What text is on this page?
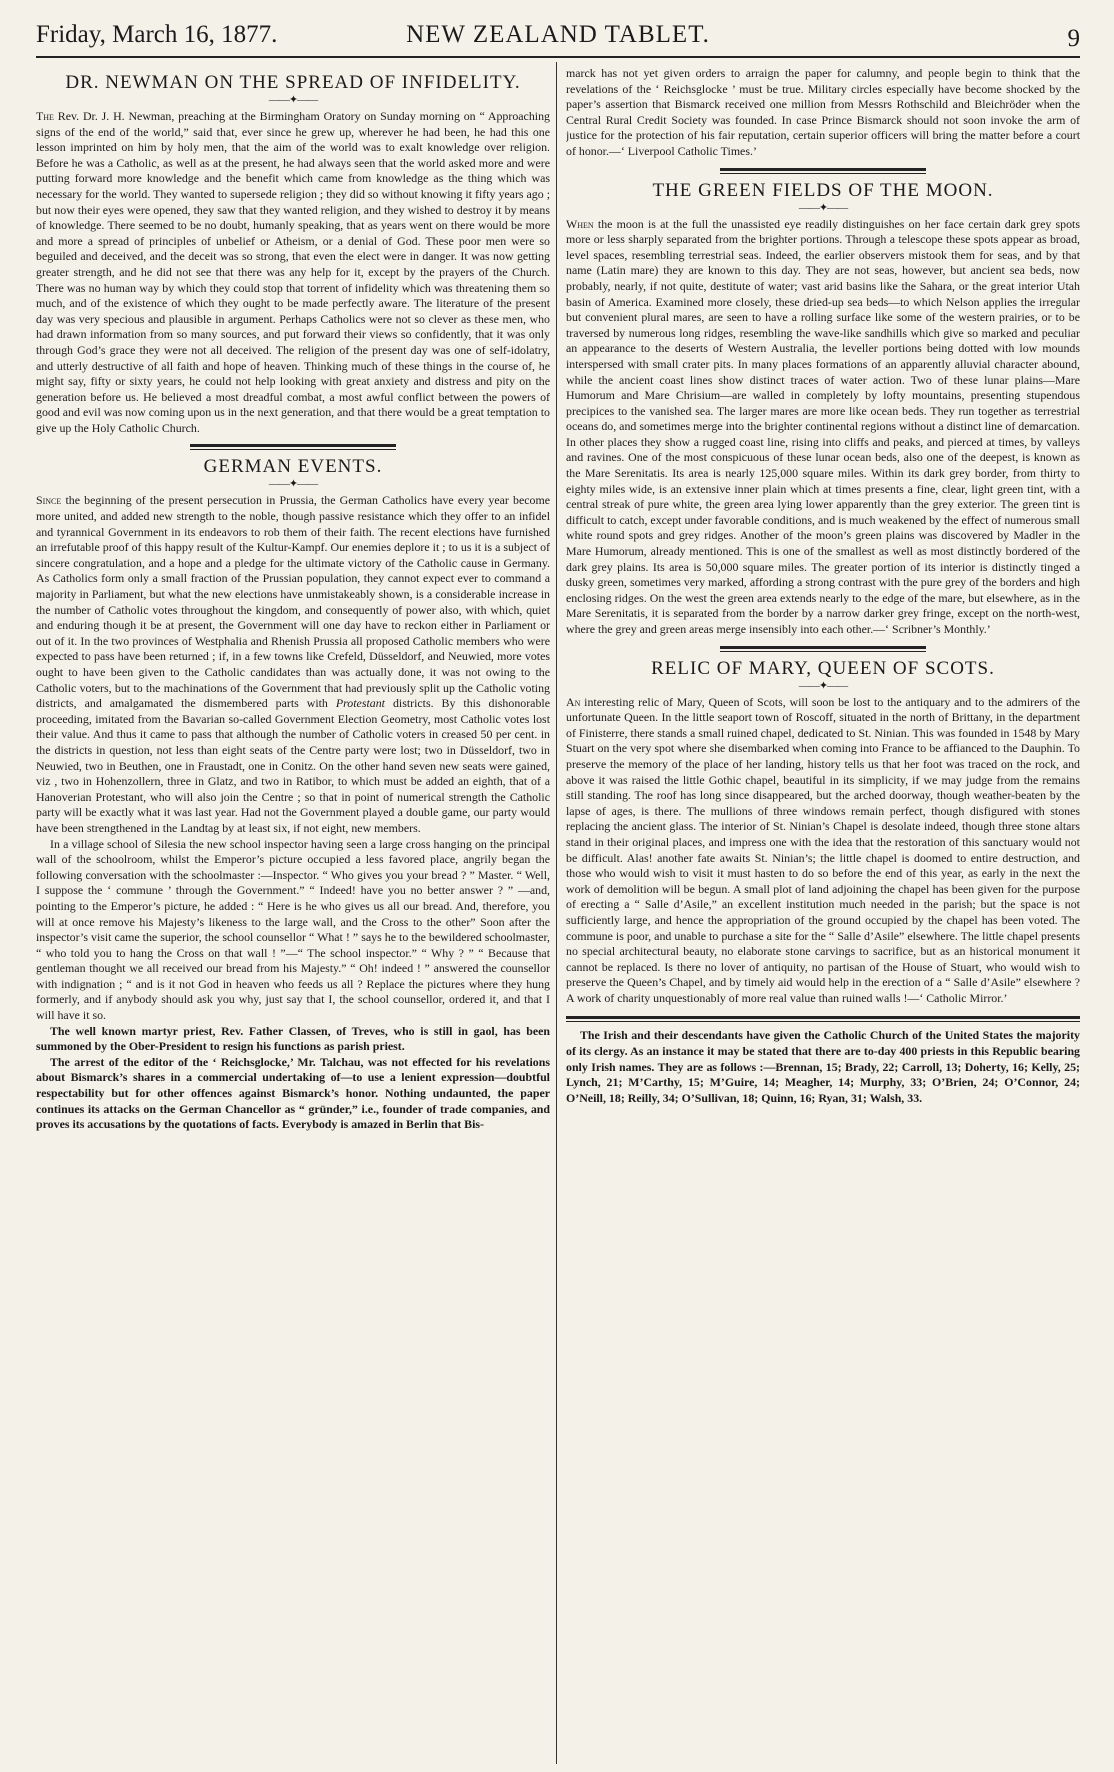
Friday, March 16, 1877.	NEW ZEALAND TABLET.	9
DR. NEWMAN ON THE SPREAD OF INFIDELITY.
——✦——

The Rev. Dr. J. H. Newman, preaching at the Birmingham Oratory on Sunday morning on “ Approaching signs of the end of the world,” said that, ever since he grew up, wherever he had been, he had this one lesson imprinted on him by holy men, that the aim of the world was to exalt knowledge over religion. Before he was a Catholic, as well as at the present, he had always seen that the world asked more and were putting forward more knowledge and the benefit which came from knowledge as the thing which was necessary for the world. They wanted to supersede religion ; they did so without knowing it fifty years ago ; but now their eyes were opened, they saw that they wanted religion, and they wished to destroy it by means of knowledge. There seemed to be no doubt, humanly speaking, that as years went on there would be more and more a spread of principles of unbelief or Atheism, or a denial of God. These poor men were so beguiled and deceived, and the deceit was so strong, that even the elect were in danger. It was now getting greater strength, and he did not see that there was any help for it, except by the prayers of the Church. There was no human way by which they could stop that torrent of infidelity which was threatening them so much, and of the existence of which they ought to be made perfectly aware. The literature of the present day was very specious and plausible in argument. Perhaps Catholics were not so clever as these men, who had drawn information from so many sources, and put forward their views so confidently, that it was only through God’s grace they were not all deceived. The religion of the present day was one of self-idolatry, and utterly destructive of all faith and hope of heaven. Thinking much of these things in the course of, he might say, fifty or sixty years, he could not help looking with great anxiety and distress and pity on the generation before us. He believed a most dreadful combat, a most awful conflict between the powers of good and evil was now coming upon us in the next generation, and that there would be a great temptation to give up the Holy Catholic Church.

GERMAN EVENTS.
——✦——

Since the beginning of the present persecution in Prussia, the German Catholics have every year become more united, and added new strength to the noble, though passive resistance which they offer to an infidel and tyrannical Government in its endeavors to rob them of their faith. The recent elections have furnished an irrefutable proof of this happy result of the Kultur-Kampf. Our enemies deplore it ; to us it is a subject of sincere congratulation, and a hope and a pledge for the ultimate victory of the Catholic cause in Germany. As Catholics form only a small fraction of the Prussian population, they cannot expect ever to command a majority in Parliament, but what the new elections have unmistakeably shown, is a considerable increase in the number of Catholic votes throughout the kingdom, and consequently of power also, with which, quiet and enduring though it be at present, the Government will one day have to reckon either in Parliament or out of it. In the two provinces of Westphalia and Rhenish Prussia all proposed Catholic members who were expected to pass have been returned ; if, in a few towns like Crefeld, Düsseldorf, and Neuwied, more votes ought to have been given to the Catholic candidates than was actually done, it was not owing to the Catholic voters, but to the machinations of the Government that had previously split up the Catholic voting districts, and amalgamated the dismembered parts with Protestant districts. By this dishonorable proceeding, imitated from the Bavarian so-called Government Election Geometry, most Catholic votes lost their value. And thus it came to pass that although the number of Catholic voters in creased 50 per cent. in the districts in question, not less than eight seats of the Centre party were lost; two in Düsseldorf, two in Neuwied, two in Beuthen, one in Fraustadt, one in Conitz. On the other hand seven new seats were gained, viz , two in Hohenzollern, three in Glatz, and two in Ratibor, to which must be added an eighth, that of a Hanoverian Protestant, who will also join the Centre ; so that in point of numerical strength the Catholic party will be exactly what it was last year. Had not the Government played a double game, our party would have been strengthened in the Landtag by at least six, if not eight, new members.

In a village school of Silesia the new school inspector having seen a large cross hanging on the principal wall of the schoolroom, whilst the Emperor’s picture occupied a less favored place, angrily began the following conversation with the schoolmaster :—Inspector. “ Who gives you your bread ? ” Master. “ Well, I suppose the ‘ commune ’ through the Government.” “ Indeed! have you no better answer ? ” —and, pointing to the Emperor’s picture, he added : “ Here is he who gives us all our bread. And, therefore, you will at once remove his Majesty’s likeness to the large wall, and the Cross to the other” Soon after the inspector’s visit came the superior, the school counsellor “ What ! ” says he to the bewildered schoolmaster, “ who told you to hang the Cross on that wall ! ”—“ The school inspector.” “ Why ? ” “ Because that gentleman thought we all received our bread from his Majesty.” “ Oh! indeed ! ” answered the counsellor with indignation ; “ and is it not God in heaven who feeds us all ? Replace the pictures where they hung formerly, and if anybody should ask you why, just say that I, the school counsellor, ordered it, and that I will have it so.

The well known martyr priest, Rev. Father Classen, of Treves, who is still in gaol, has been summoned by the Ober-President to resign his functions as parish priest.

The arrest of the editor of the ‘ Reichsglocke,’ Mr. Talchau, was not effected for his revelations about Bismarck’s shares in a commercial undertaking of—to use a lenient expression—doubtful respectability but for other offences against Bismarck’s honor. Nothing undaunted, the paper continues its attacks on the German Chancellor as “ gründer,” i.e., founder of trade companies, and proves its accusations by the quotations of facts. Everybody is amazed in Berlin that Bis-

marck has not yet given orders to arraign the paper for calumny, and people begin to think that the revelations of the ‘ Reichsglocke ’ must be true. Military circles especially have become shocked by the paper’s assertion that Bismarck received one million from Messrs Rothschild and Bleichröder when the Central Rural Credit Society was founded. In case Prince Bismarck should not soon invoke the arm of justice for the protection of his fair reputation, certain superior officers will bring the matter before a court of honor.—‘ Liverpool Catholic Times.’

THE GREEN FIELDS OF THE MOON.
——✦——

When the moon is at the full the unassisted eye readily distinguishes on her face certain dark grey spots more or less sharply separated from the brighter portions. Through a telescope these spots appear as broad, level spaces, resembling terrestrial seas. Indeed, the earlier observers mistook them for seas, and by that name (Latin mare) they are known to this day. They are not seas, however, but ancient sea beds, now probably, nearly, if not quite, destitute of water; vast arid basins like the Sahara, or the great interior Utah basin of America. Examined more closely, these dried-up sea beds—to which Nelson applies the irregular but convenient plural mares, are seen to have a rolling surface like some of the western prairies, or to be traversed by numerous long ridges, resembling the wave-like sandhills which give so marked and peculiar an appearance to the deserts of Western Australia, the leveller portions being dotted with low mounds interspersed with small crater pits. In many places formations of an apparently alluvial character abound, while the ancient coast lines show distinct traces of water action. Two of these lunar plains—Mare Humorum and Mare Chrisium—are walled in completely by lofty mountains, presenting stupendous precipices to the vanished sea. The larger mares are more like ocean beds. They run together as terrestrial oceans do, and sometimes merge into the brighter continental regions without a distinct line of demarcation. In other places they show a rugged coast line, rising into cliffs and peaks, and pierced at times, by valleys and ravines. One of the most conspicuous of these lunar ocean beds, also one of the deepest, is known as the Mare Serenitatis. Its area is nearly 125,000 square miles. Within its dark grey border, from thirty to eighty miles wide, is an extensive inner plain which at times presents a fine, clear, light green tint, with a central streak of pure white, the green area lying lower apparently than the grey exterior. The green tint is difficult to catch, except under favorable conditions, and is much weakened by the effect of numerous small white round spots and grey ridges. Another of the moon’s green plains was discovered by Madler in the Mare Humorum, already mentioned. This is one of the smallest as well as most distinctly bordered of the dark grey plains. Its area is 50,000 square miles. The greater portion of its interior is distinctly tinged a dusky green, sometimes very marked, affording a strong contrast with the pure grey of the borders and high enclosing ridges. On the west the green area extends nearly to the edge of the mare, but elsewhere, as in the Mare Serenitatis, it is separated from the border by a narrow darker grey fringe, except on the north-west, where the grey and green areas merge insensibly into each other.—‘ Scribner’s Monthly.’

RELIC OF MARY, QUEEN OF SCOTS.
——✦——

An interesting relic of Mary, Queen of Scots, will soon be lost to the antiquary and to the admirers of the unfortunate Queen. In the little seaport town of Roscoff, situated in the north of Brittany, in the department of Finisterre, there stands a small ruined chapel, dedicated to St. Ninian. This was founded in 1548 by Mary Stuart on the very spot where she disembarked when coming into France to be affianced to the Dauphin. To preserve the memory of the place of her landing, history tells us that her foot was traced on the rock, and above it was raised the little Gothic chapel, beautiful in its simplicity, if we may judge from the remains still standing. The roof has long since disappeared, but the arched doorway, though weather-beaten by the lapse of ages, is there. The mullions of three windows remain perfect, though disfigured with stones replacing the ancient glass. The interior of St. Ninian’s Chapel is desolate indeed, though three stone altars stand in their original places, and impress one with the idea that the restoration of this sanctuary would not be difficult. Alas! another fate awaits St. Ninian’s; the little chapel is doomed to entire destruction, and those who would wish to visit it must hasten to do so before the end of this year, as early in the next the work of demolition will be begun. A small plot of land adjoining the chapel has been given for the purpose of erecting a “ Salle d’Asile,” an excellent institution much needed in the parish; but the space is not sufficiently large, and hence the appropriation of the ground occupied by the chapel has been voted. The commune is poor, and unable to purchase a site for the “ Salle d’Asile” elsewhere. The little chapel presents no special architectural beauty, no elaborate stone carvings to sacrifice, but as an historical monument it cannot be replaced. Is there no lover of antiquity, no partisan of the House of Stuart, who would wish to preserve the Queen’s Chapel, and by timely aid would help in the erection of a “ Salle d’Asile” elsewhere ? A work of charity unquestionably of more real value than ruined walls !—‘ Catholic Mirror.’

The Irish and their descendants have given the Catholic Church of the United States the majority of its clergy. As an instance it may be stated that there are to-day 400 priests in this Republic bearing only Irish names. They are as follows :—Brennan, 15; Brady, 22; Carroll, 13; Doherty, 16; Kelly, 25; Lynch, 21; M’Carthy, 15; M’Guire, 14; Meagher, 14; Murphy, 33; O’Brien, 24; O’Connor, 24; O’Neill, 18; Reilly, 34; O’Sullivan, 18; Quinn, 16; Ryan, 31; Walsh, 33.
